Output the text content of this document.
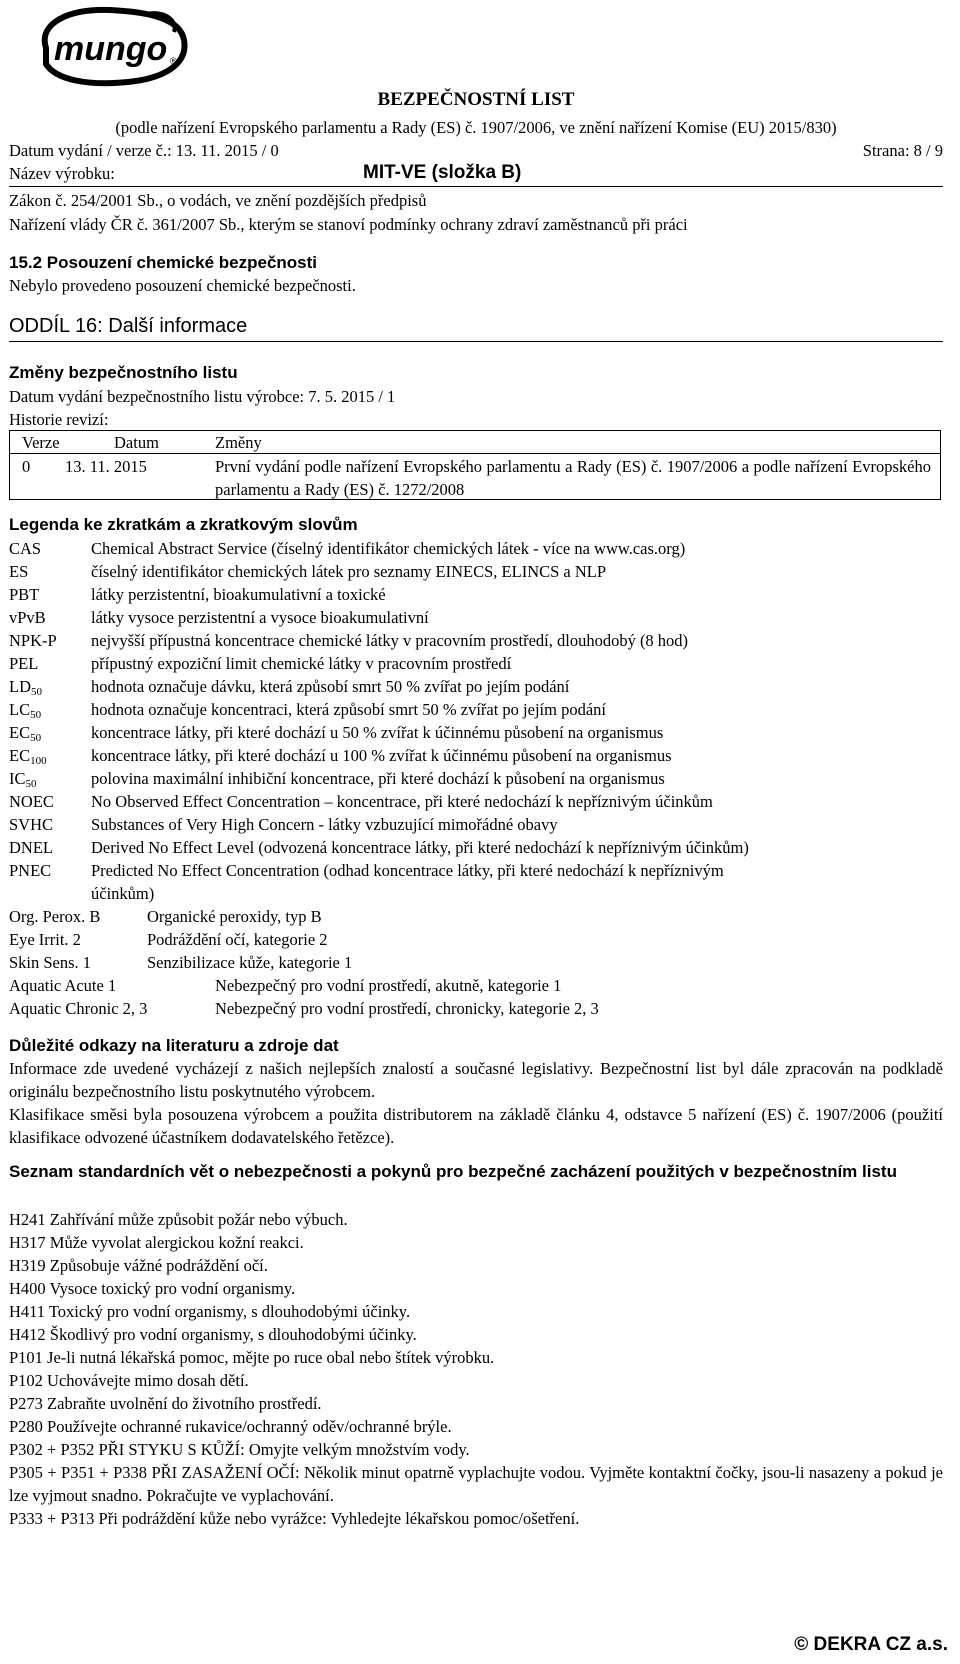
mungo ®
BEZPEČNOSTNÍ LIST
(podle nařízení Evropského parlamentu a Rady (ES) č. 1907/2006, ve znění nařízení Komise (EU) 2015/830)
Datum vydání / verze č.: 13. 11. 2015 / 0	Strana: 8 / 9
Název výrobku:	MIT-VE (složka B)
Zákon č. 254/2001 Sb., o vodách, ve znění pozdějších předpisů
Nařízení vlády ČR č. 361/2007 Sb., kterým se stanoví podmínky ochrany zdraví zaměstnanců při práci
15.2 Posouzení chemické bezpečnosti
Nebylo provedeno posouzení chemické bezpečnosti.
ODDÍL 16: Další informace
Změny bezpečnostního listu
Datum vydání bezpečnostního listu výrobce: 7. 5. 2015 / 1
Historie revizí:
Verze	Datum	Změny
0 13. 11. 2015	První vydání podle nařízení Evropského parlamentu a Rady (ES) č. 1907/2006 a podle nařízení Evropského parlamentu a Rady (ES) č. 1272/2008
Legenda ke zkratkám a zkratkovým slovům
CAS	Chemical Abstract Service (číselný identifikátor chemických látek - více na www.cas.org)
ES	číselný identifikátor chemických látek pro seznamy EINECS, ELINCS a NLP
PBT	látky perzistentní, bioakumulativní a toxické
vPvB	látky vysoce perzistentní a vysoce bioakumulativní
NPK-P nejvyšší přípustná koncentrace chemické látky v pracovním prostředí, dlouhodobý (8 hod)
PEL	přípustný expoziční limit chemické látky v pracovním prostředí
$LD_{50}$	hodnota označuje dávku, která způsobí smrt 50 % zvířat po jejím podání
$LC_{50}$	hodnota označuje koncentraci, která způsobí smrt 50 % zvířat po jejím podání
$EC_{50}$	koncentrace látky, při které dochází u 50 % zvířat k účinnému působení na organismus
$EC_{100}$	koncentrace látky, při které dochází u 100 % zvířat k účinnému působení na organismus
$IC_{50}$	polovina maximální inhibiční koncentrace, při které dochází k působení na organismus
NOEC No Observed Effect Concentration – koncentrace, při které nedochází k nepříznivým účinkům
SVHC Substances of Very High Concern - látky vzbuzující mimořádné obavy
DNEL Derived No Effect Level (odvozená koncentrace látky, při které nedochází k nepříznivým účinkům)
PNEC Predicted No Effect Concentration (odhad koncentrace látky, při které nedochází k nepříznivým
účinkům)
Org. Perox. B	Organické peroxidy, typ B
Eye Irrit. 2	Podráždění očí, kategorie 2
Skin Sens. 1	Senzibilizace kůže, kategorie 1
Aquatic Acute 1	Nebezpečný pro vodní prostředí, akutně, kategorie 1
Aquatic Chronic 2, 3	Nebezpečný pro vodní prostředí, chronicky, kategorie 2, 3
Důležité odkazy na literaturu a zdroje dat
Informace zde uvedené vycházejí z našich nejlepších znalostí a současné legislativy. Bezpečnostní list byl dále zpracován na podkladě originálu bezpečnostního listu poskytnutého výrobcem.
Klasifikace směsi byla posouzena výrobcem a použita distributorem na základě článku 4, odstavce 5 nařízení (ES) č. 1907/2006 (použití klasifikace odvozené účastníkem dodavatelského řetězce).
Seznam standardních vět o nebezpečnosti a pokynů pro bezpečné zacházení použitých v bezpečnostním listu
H241 Zahřívání může způsobit požár nebo výbuch.
H317 Může vyvolat alergickou kožní reakci.
H319 Způsobuje vážné podráždění očí.
H400 Vysoce toxický pro vodní organismy.
H411 Toxický pro vodní organismy, s dlouhodobými účinky.
H412 Škodlivý pro vodní organismy, s dlouhodobými účinky.
P101 Je-li nutná lékařská pomoc, mějte po ruce obal nebo štítek výrobku.
P102 Uchovávejte mimo dosah dětí.
P273 Zabraňte uvolnění do životního prostředí.
P280 Používejte ochranné rukavice/ochranný oděv/ochranné brýle.
P302 + P352 PŘI STYKU S KŮŽÍ: Omyjte velkým množstvím vody.
P305 + P351 + P338 PŘI ZASAŽENÍ OČÍ: Několik minut opatrně vyplachujte vodou. Vyjměte kontaktní čočky, jsou-li nasazeny a pokud je lze vyjmout snadno. Pokračujte ve vyplachování.
P333 + P313 Při podráždění kůže nebo vyrážce: Vyhledejte lékařskou pomoc/ošetření.
© DEKRA CZ a.s.
